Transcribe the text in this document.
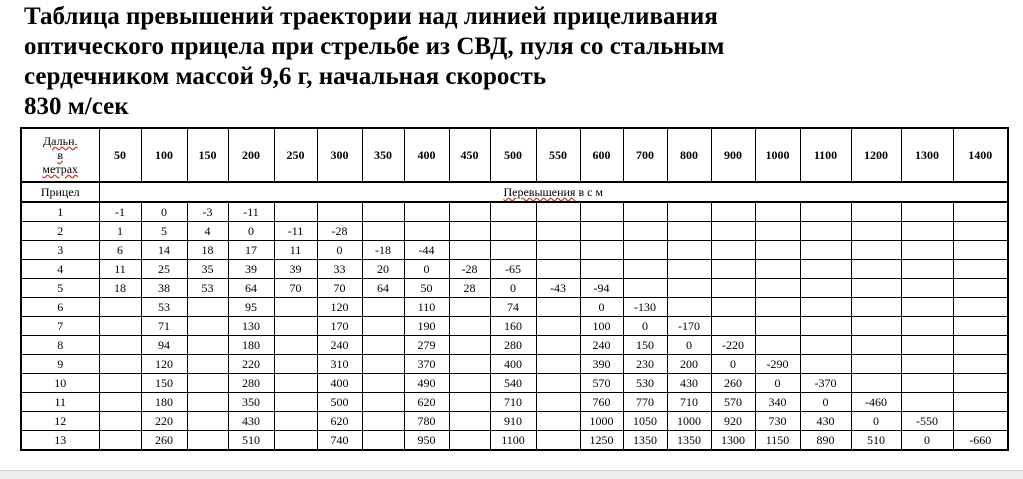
Таблица превышений траектории над линией прицеливания
оптического прицела при стрельбе из СВД, пуля со стальным
сердечником массой 9,6 г, начальная скорость
830 м/сек
Дальн.
в
метрах	50	100	150	200	250	300	350	400	450	500	550	600	700	800	900	1000	1100	1200	1300	1400
Прицел	Перевышения в с м																			
1	-1	0	-3	-11																
2	1	5	4	0	-11	-28														
3	6	14	18	17	11	0	-18	-44												
4	11	25	35	39	39	33	20	0	-28	-65										
5	18	38	53	64	70	70	64	50	28	0	-43	-94								
6		53		95		120		110		74		0	-130							
7		71		130		170		190		160		100	0	-170						
8		94		180		240		279		280		240	150	0	-220					
9		120		220		310		370		400		390	230	200	0	-290				
10		150		280		400		490		540		570	530	430	260	0	-370			
11		180		350		500		620		710		760	770	710	570	340	0	-460		
12		220		430		620		780		910		1000	1050	1000	920	730	430	0	-550	
13		260		510		740		950		1100		1250	1350	1350	1300	1150	890	510	0	-660
